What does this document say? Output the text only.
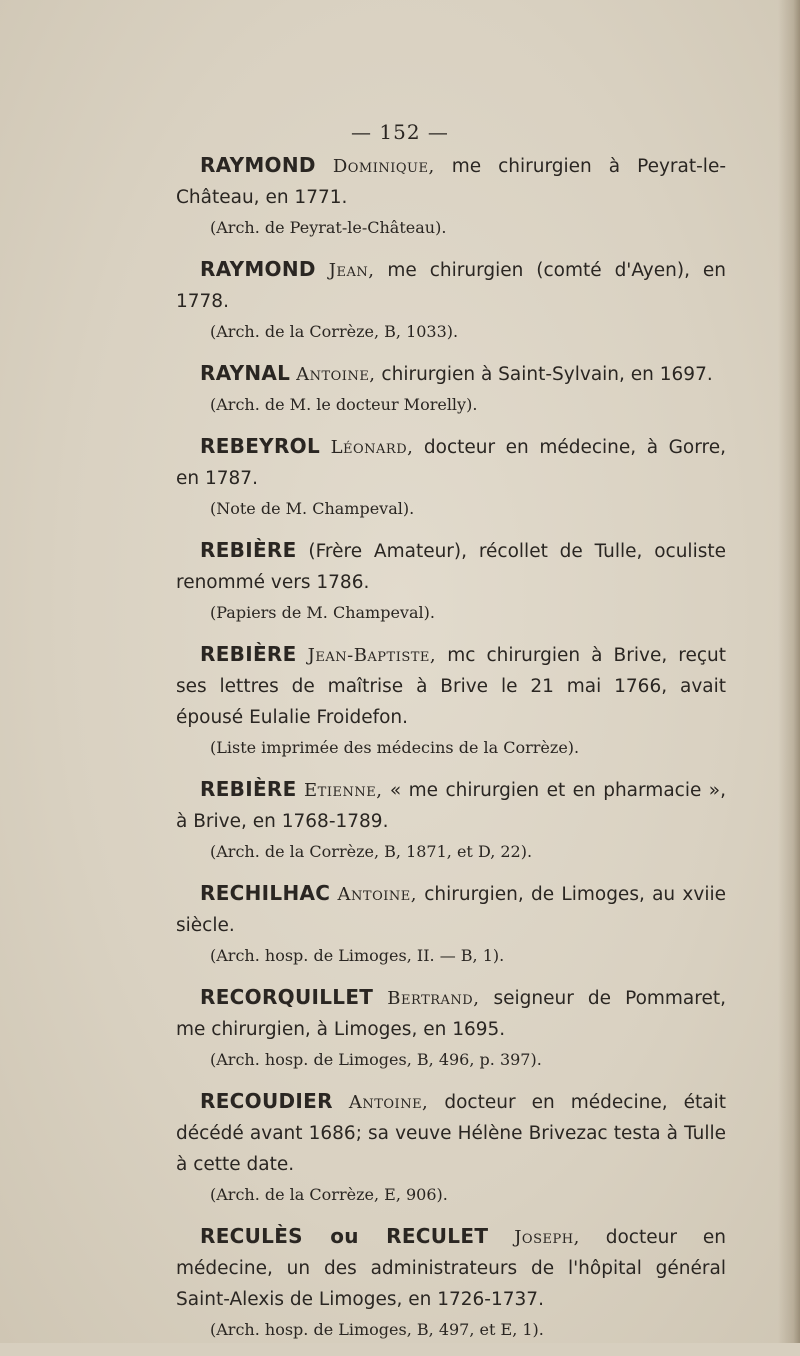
— 152 —

RAYMOND Dominique, me chirurgien à Peyrat-le-Château, en 1771.

(Arch. de Peyrat-le-Château).

RAYMOND Jean, me chirurgien (comté d'Ayen), en 1778.

(Arch. de la Corrèze, B, 1033).

RAYNAL Antoine, chirurgien à Saint-Sylvain, en 1697.

(Arch. de M. le docteur Morelly).

REBEYROL Léonard, docteur en médecine, à Gorre, en 1787.

(Note de M. Champeval).

REBIÈRE (Frère Amateur), récollet de Tulle, oculiste renommé vers 1786.

(Papiers de M. Champeval).

REBIÈRE Jean-Baptiste, mc chirurgien à Brive, reçut ses lettres de maîtrise à Brive le 21 mai 1766, avait épousé Eulalie Froidefon.

(Liste imprimée des médecins de la Corrèze).

REBIÈRE Etienne, « me chirurgien et en pharmacie », à Brive, en 1768-1789.

(Arch. de la Corrèze, B, 1871, et D, 22).

RECHILHAC Antoine, chirurgien, de Limoges, au xviie siècle.

(Arch. hosp. de Limoges, II. — B, 1).

RECORQUILLET Bertrand, seigneur de Pommaret, me chirurgien, à Limoges, en 1695.

(Arch. hosp. de Limoges, B, 496, p. 397).

RECOUDIER Antoine, docteur en médecine, était décédé avant 1686; sa veuve Hélène Brivezac testa à Tulle à cette date.

(Arch. de la Corrèze, E, 906).

RECULÈS ou RECULET Joseph, docteur en médecine, un des administrateurs de l'hôpital général Saint-Alexis de Limoges, en 1726-1737.

(Arch. hosp. de Limoges, B, 497, et E, 1).
